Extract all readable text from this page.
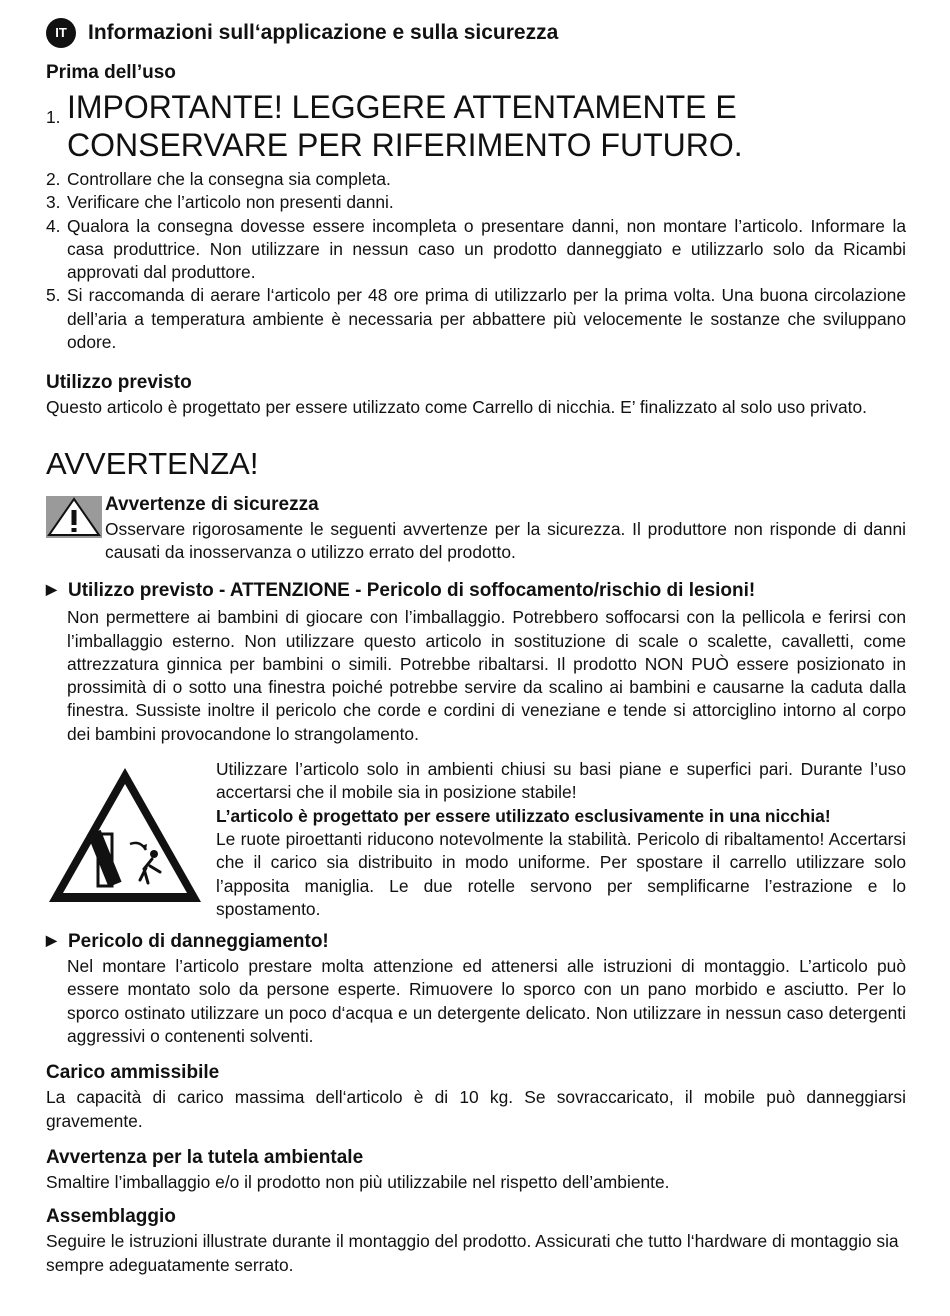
IT Informazioni sull‘applicazione e sulla sicurezza
Prima dell’uso
1. IMPORTANTE! LEGGERE ATTENTAMENTE E CONSERVARE PER RIFERIMENTO FUTURO.
2. Controllare che la consegna sia completa.
3. Verificare che l’articolo non presenti danni.
4. Qualora la consegna dovesse essere incompleta o presentare danni, non montare l’articolo. Informare la casa produttrice. Non utilizzare in nessun caso un prodotto danneggiato e utilizzarlo solo da Ricambi approvati dal produttore.
5. Si raccomanda di aerare l‘articolo per 48 ore prima di utilizzarlo per la prima volta. Una buona circolazione dell’aria a temperatura ambiente è necessaria per abbattere più velocemente le sostanze che sviluppano odore.
Utilizzo previsto

Questo articolo è progettato per essere utilizzato come Carrello di nicchia. E’ finalizzato al solo uso privato.

AVVERTENZA!
Avvertenze di sicurezza

Osservare rigorosamente le seguenti avvertenze per la sicurezza. Il produttore non risponde di danni causati da inosservanza o utilizzo errato del prodotto.

▶ Utilizzo previsto - ATTENZIONE - Pericolo di soffocamento/rischio di lesioni!

Non permettere ai bambini di giocare con l’imballaggio. Potrebbero soffocarsi con la pellicola e ferirsi con l’imballaggio esterno. Non utilizzare questo articolo in sostituzione di scale o scalette, cavalletti, come attrezzatura ginnica per bambini o simili. Potrebbe ribaltarsi. Il prodotto NON PUÒ essere posizionato in prossimità di o sotto una finestra poiché potrebbe servire da scalino ai bambini e causarne la caduta dalla finestra. Sussiste inoltre il pericolo che corde e cordini di veneziane e tende si attorciglino intorno al corpo dei bambini provocandone lo strangolamento.

Utilizzare l’articolo solo in ambienti chiusi su basi piane e superfici pari. Durante l’uso accertarsi che il mobile sia in posizione stabile!

L’articolo è progettato per essere utilizzato esclusivamente in una nicchia!

Le ruote piroettanti riducono notevolmente la stabilità. Pericolo di ribaltamento! Accertarsi che il carico sia distribuito in modo uniforme. Per spostare il carrello utilizzare solo l’apposita maniglia. Le due rotelle servono per semplificarne l’estrazione e lo spostamento.

▶ Pericolo di danneggiamento!

Nel montare l’articolo prestare molta attenzione ed attenersi alle istruzioni di montaggio. L’articolo può essere montato solo da persone esperte. Rimuovere lo sporco con un pano morbido e asciutto. Per lo sporco ostinato utilizzare un poco d‘acqua e un detergente delicato. Non utilizzare in nessun caso detergenti aggressivi o contenenti solventi.

Carico ammissibile

La capacità di carico massima dell‘articolo è di 10 kg. Se sovraccaricato, il mobile può danneggiarsi gravemente.

Avvertenza per la tutela ambientale

Smaltire l’imballaggio e/o il prodotto non più utilizzabile nel rispetto dell’ambiente.

Assemblaggio

Seguire le istruzioni illustrate durante il montaggio del prodotto. Assicurati che tutto l‘hardware di montaggio sia sempre adeguatamente serrato.
